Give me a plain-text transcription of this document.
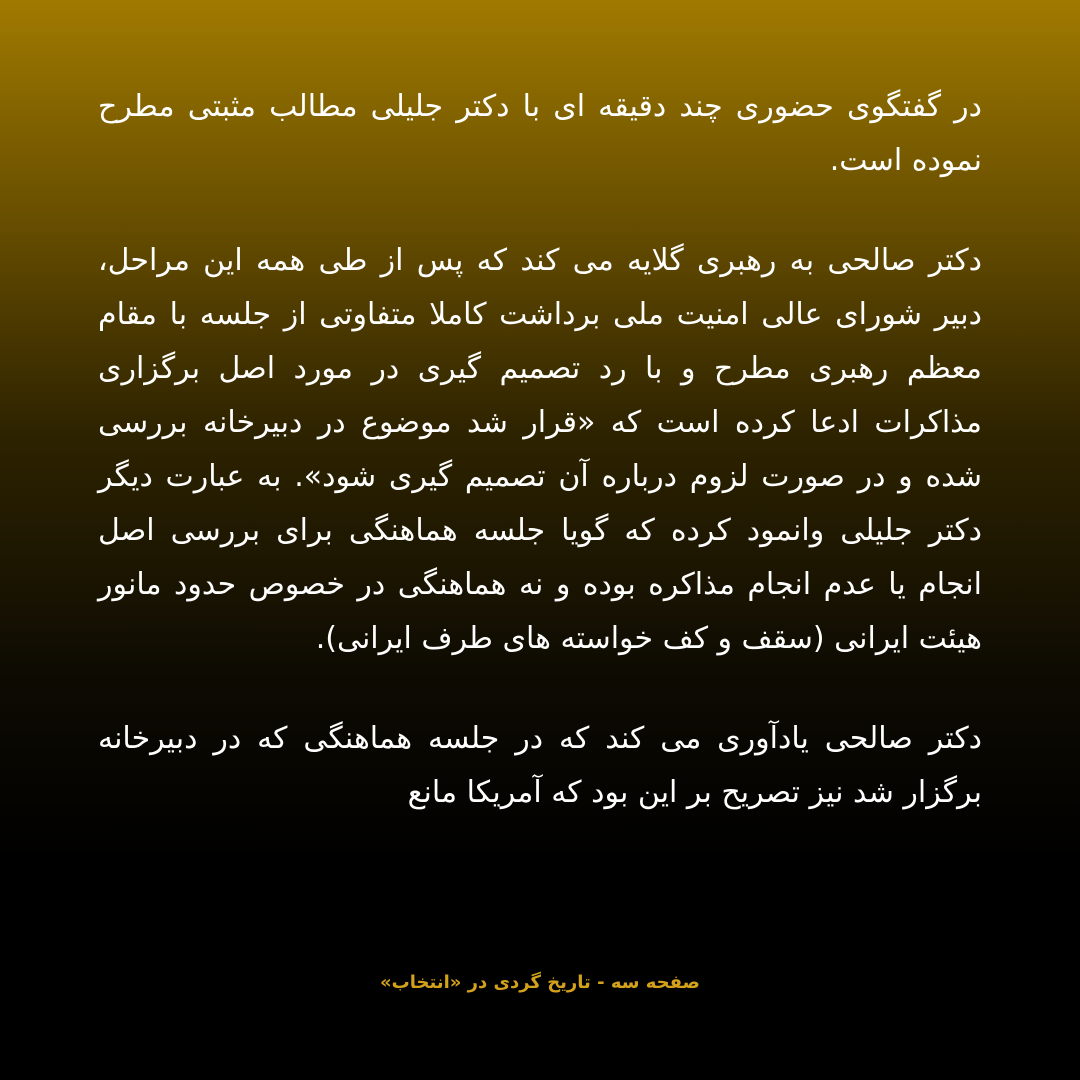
در گفتگوی حضوری چند دقیقه ای با دکتر جلیلی مطالب مثبتی مطرح نموده است.

دکتر صالحی به رهبری گلایه می کند که پس از طی همه این مراحل، دبیر شورای عالی امنیت ملی برداشت کاملا متفاوتی از جلسه با مقام معظم رهبری مطرح و با رد تصمیم گیری در مورد اصل برگزاری مذاکرات ادعا کرده است که «قرار شد موضوع در دبیرخانه بررسی شده و در صورت لزوم درباره آن تصمیم گیری شود». به عبارت دیگر دکتر جلیلی وانمود کرده که گویا جلسه هماهنگی برای بررسی اصل انجام یا عدم انجام مذاکره بوده و نه هماهنگی در خصوص حدود مانور هیئت ایرانی (سقف و کف خواسته های طرف ایرانی).

دکتر صالحی یادآوری می کند که در جلسه هماهنگی که در دبیرخانه برگزار شد نیز تصریح بر این بود که آمریکا مانع

صفحه سه - تاریخ گردی در «انتخاب»
